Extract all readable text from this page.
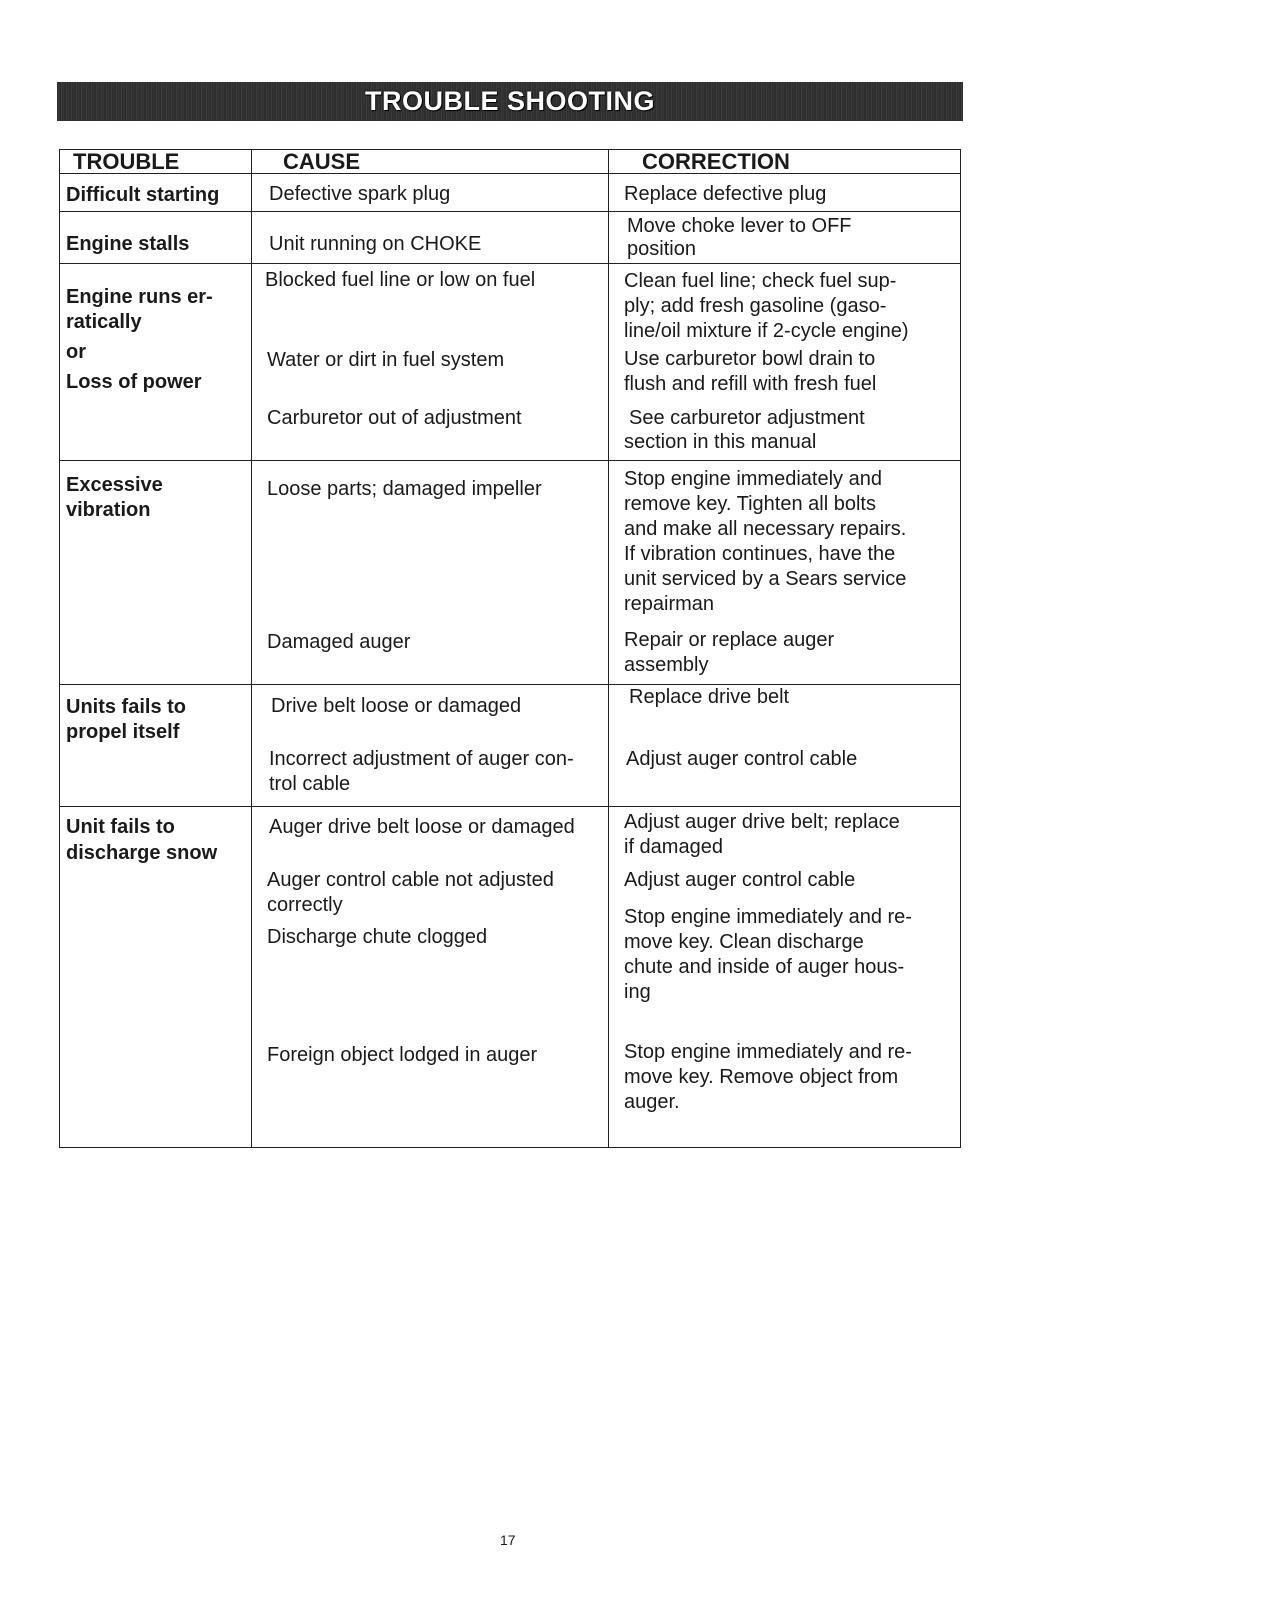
TROUBLE SHOOTING
TROUBLE	CAUSE	CORRECTION
Difficult starting
Engine stalls
Engine runs er-
ratically
or
Loss of power
Excessive
vibration
Units fails to
propel itself
Unit fails to
discharge snow
Defective spark plug
Unit running on CHOKE
Blocked fuel line or low on fuel
Water or dirt in fuel system
Carburetor out of adjustment
Loose parts; damaged impeller
Damaged auger
Drive belt loose or damaged
Incorrect adjustment of auger con-
trol cable
Auger drive belt loose or damaged
Auger control cable not adjusted
correctly
Discharge chute clogged
Foreign object lodged in auger
Replace defective plug
Move choke lever to OFF
position
Clean fuel line; check fuel sup-
ply; add fresh gasoline (gaso-
line/oil mixture if 2-cycle engine)
Use carburetor bowl drain to
flush and refill with fresh fuel
See carburetor adjustment
section in this manual
Stop engine immediately and
remove key. Tighten all bolts
and make all necessary repairs.
If vibration continues, have the
unit serviced by a Sears service
repairman
Repair or replace auger
assembly
Replace drive belt
Adjust auger control cable
Adjust auger drive belt; replace
if damaged
Adjust auger control cable
Stop engine immediately and re-
move key. Clean discharge
chute and inside of auger hous-
ing
Stop engine immediately and re-
move key. Remove object from
auger.
17
